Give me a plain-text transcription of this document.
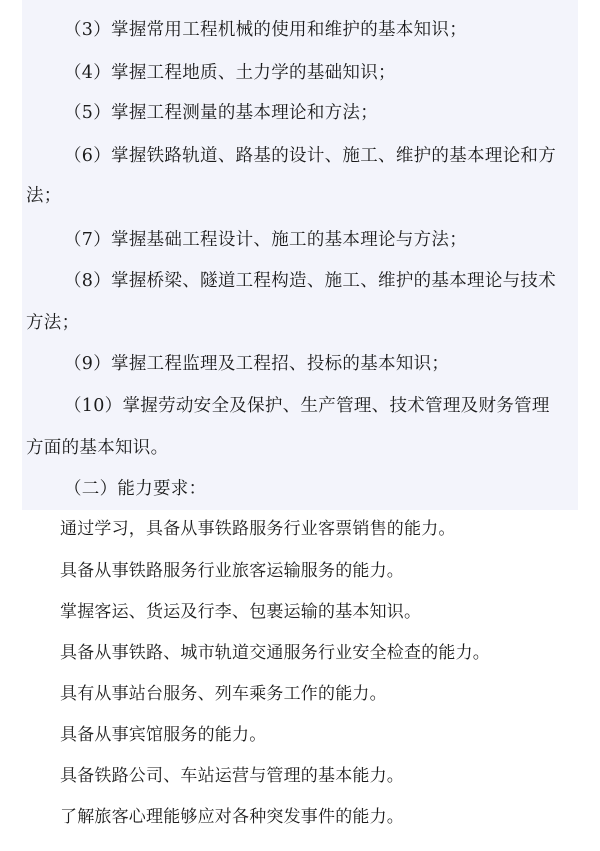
（3）掌握常用工程机械的使用和维护的基本知识；
（4）掌握工程地质、土力学的基础知识；
（5）掌握工程测量的基本理论和方法；
（6）掌握铁路轨道、路基的设计、施工、维护的基本理论和方
法；
（7）掌握基础工程设计、施工的基本理论与方法；
（8）掌握桥梁、隧道工程构造、施工、维护的基本理论与技术
方法；
（9）掌握工程监理及工程招、投标的基本知识；
（10）掌握劳动安全及保护、生产管理、技术管理及财务管理
方面的基本知识。
（二）能力要求：
通过学习，具备从事铁路服务行业客票销售的能力。
具备从事铁路服务行业旅客运输服务的能力。
掌握客运、货运及行李、包裹运输的基本知识。
具备从事铁路、城市轨道交通服务行业安全检查的能力。
具有从事站台服务、列车乘务工作的能力。
具备从事宾馆服务的能力。
具备铁路公司、车站运营与管理的基本能力。
了解旅客心理能够应对各种突发事件的能力。
